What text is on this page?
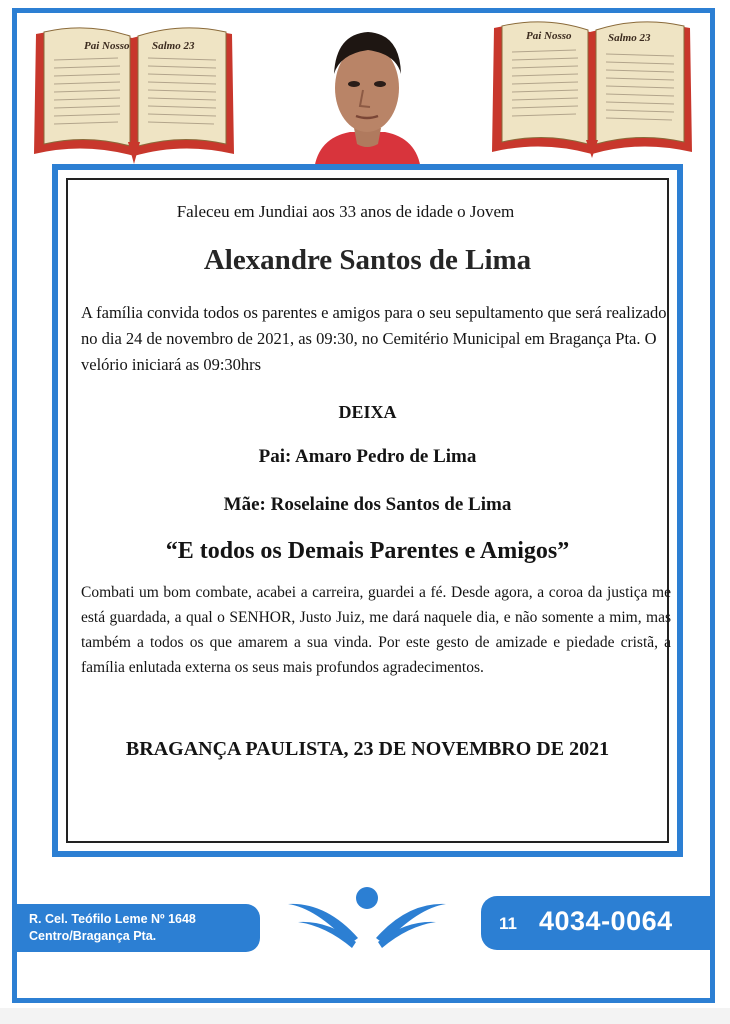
Pai Nosso Salmo 23
Pai Nosso	Salmo 23
Faleceu em Jundiai aos 33 anos de idade o Jovem
Alexandre Santos de Lima
A família convida todos os parentes e amigos para o seu sepultamento que será realizado no dia 24 de novembro de 2021, as 09:30, no Cemitério Municipal em Bragança Pta. O velório iniciará as 09:30hrs
DEIXA
Pai: Amaro Pedro de Lima
Mãe: Roselaine dos Santos de Lima
“E todos os Demais Parentes e Amigos”
Combati um bom combate, acabei a carreira, guardei a fé. Desde agora, a coroa da justiça me está guardada, a qual o SENHOR, Justo Juiz, me dará naquele dia, e não somente a mim, mas também a todos os que amarem a sua vinda. Por este gesto de amizade e piedade cristã, a família enlutada externa os seus mais profundos agradecimentos.
BRAGANÇA PAULISTA, 23 DE NOVEMBRO DE 2021
R. Cel. Teófilo Leme Nº 1648
Centro/Bragança Pta.
11 4034-0064
